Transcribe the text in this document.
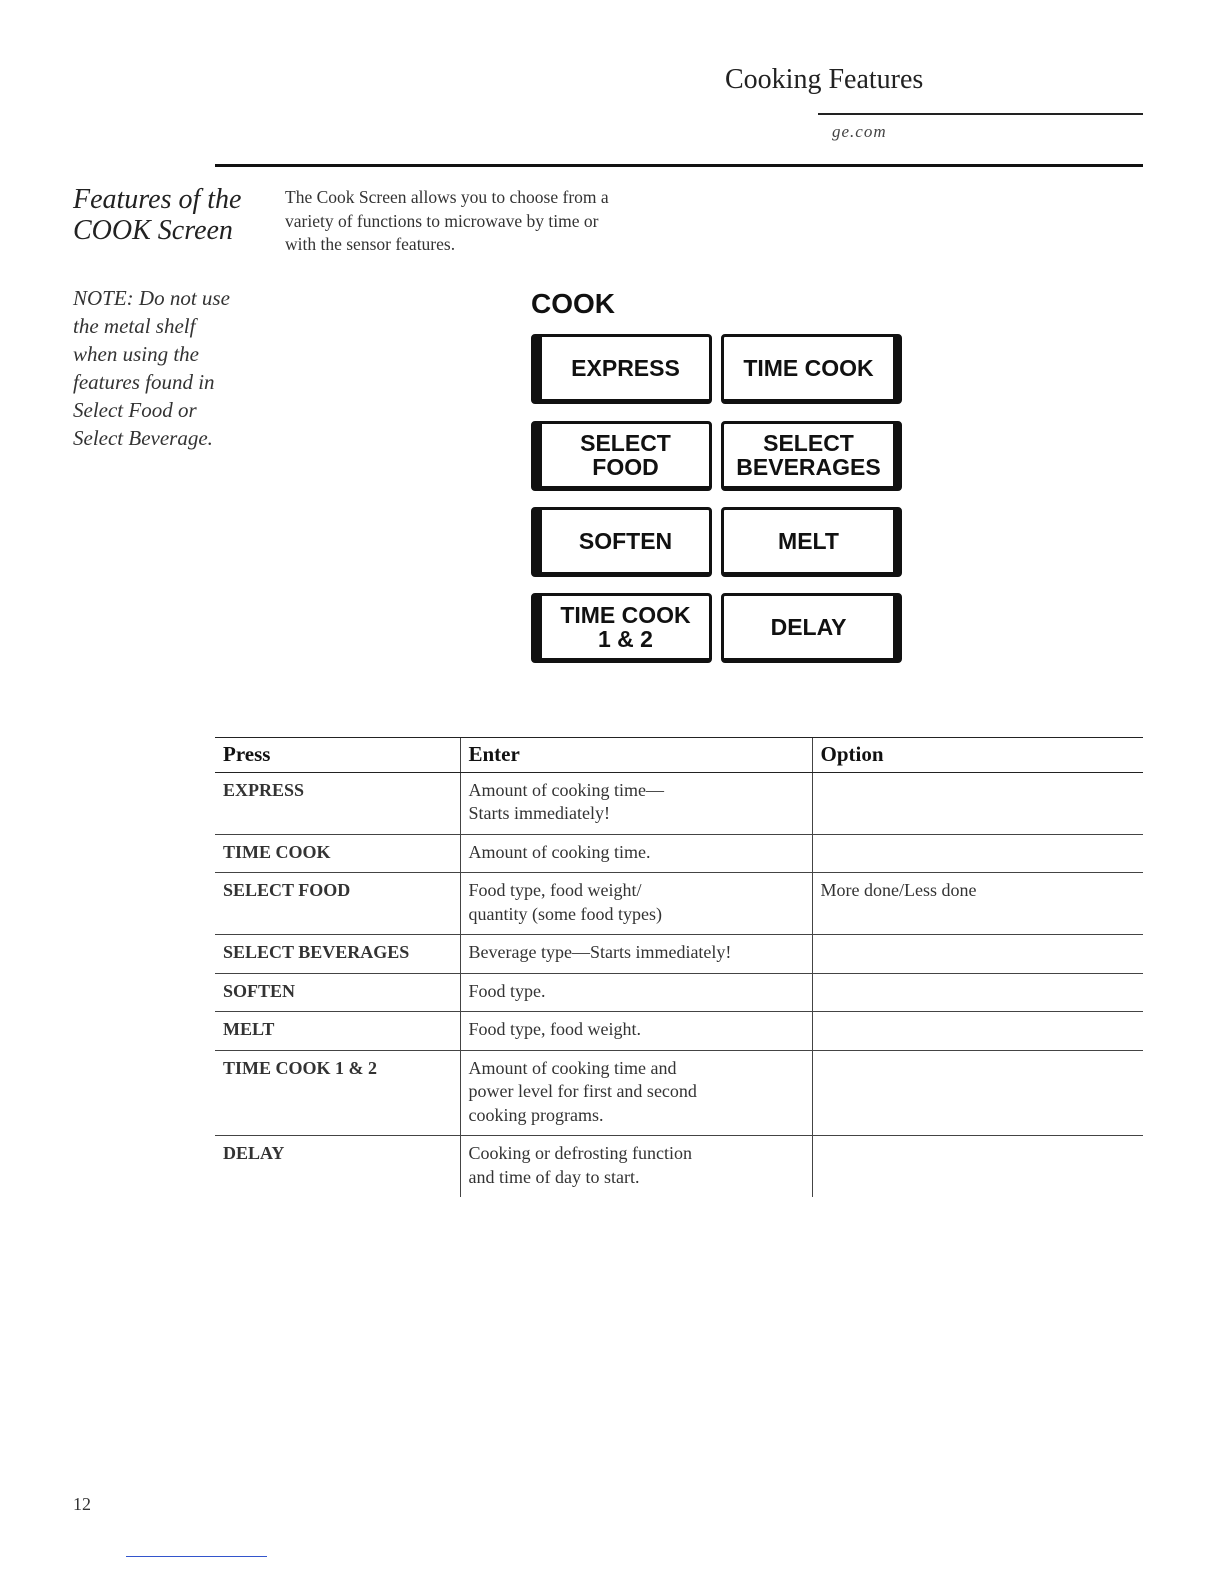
Cooking Features
ge.com
Features of the
COOK Screen
NOTE: Do not use
the metal shelf
when using the
features found in
Select Food or
Select Beverage.
The Cook Screen allows you to choose from a
variety of functions to microwave by time or
with the sensor features.
COOK
EXPRESS	TIME COOK
SELECT
FOOD
SELECT
BEVERAGES
SOFTEN	MELT
TIME COOK
1 & 2	DELAY
Press	Enter	Option
EXPRESS	Amount of cooking time—
Starts immediately!	

TIME COOK	Amount of cooking time.	

SELECT FOOD	Food type, food weight/
quantity (some food types)	More done/Less done
SELECT BEVERAGES	Beverage type—Starts immediately!	

SOFTEN	Food type.	

MELT	Food type, food weight.	

TIME COOK 1 & 2	Amount of cooking time and
power level for first and second
cooking programs.	

DELAY	Cooking or defrosting function
and time of day to start.	

12
